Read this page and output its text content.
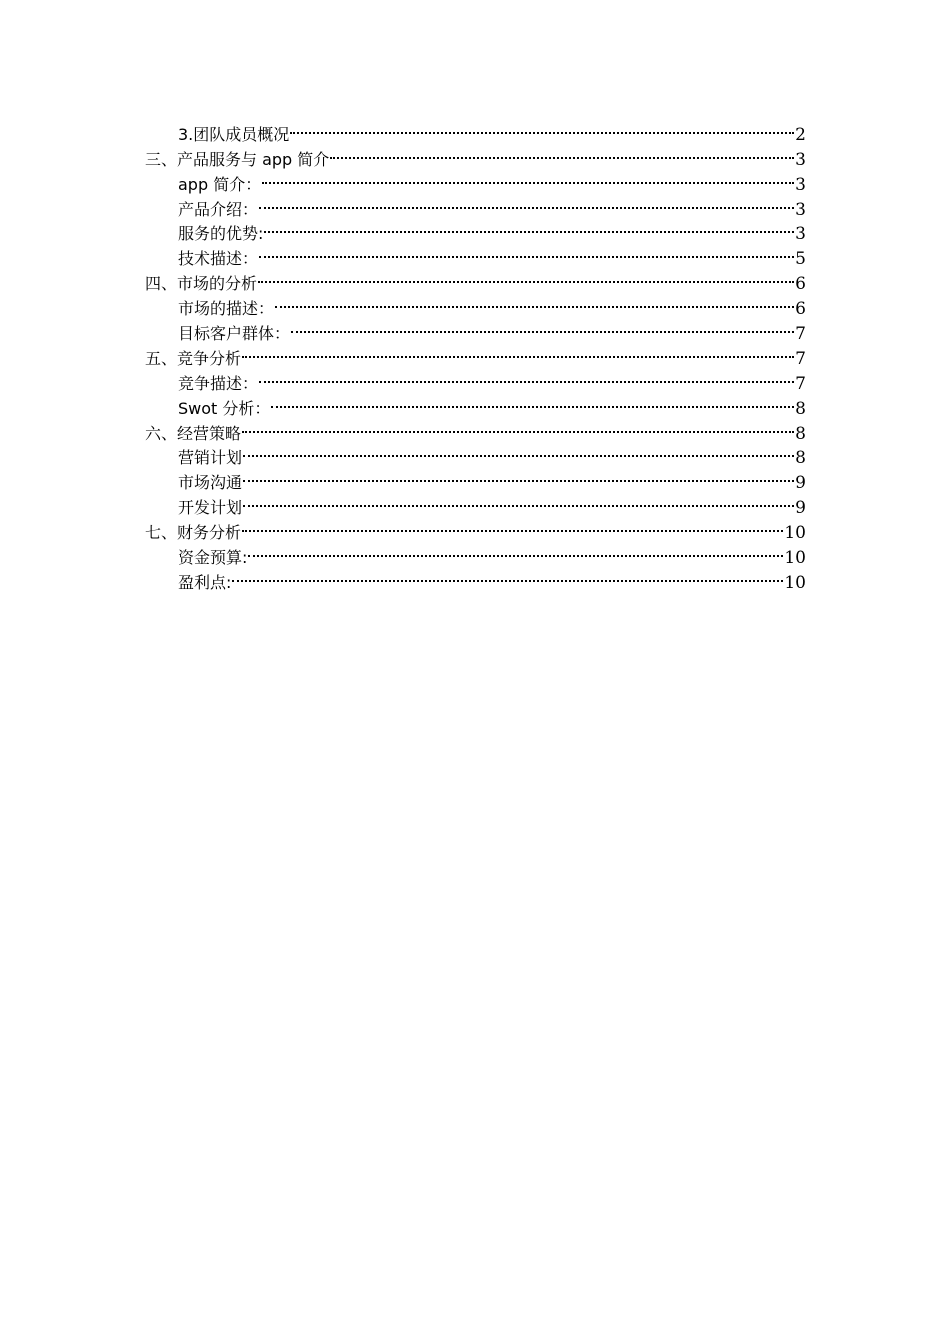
3.团队成员概况	2
三、产品服务与 app 简介	3
app 简介：	3
产品介绍：	3
服务的优势:	3
技术描述：	5
四、市场的分析	6
市场的描述：	6
目标客户群体：	7
五、竞争分析	7
竞争描述：	7
Swot 分析：	8
六、经营策略	8
营销计划	8
市场沟通	9
开发计划	9
七、财务分析	10
资金预算:	10
盈利点:	10
